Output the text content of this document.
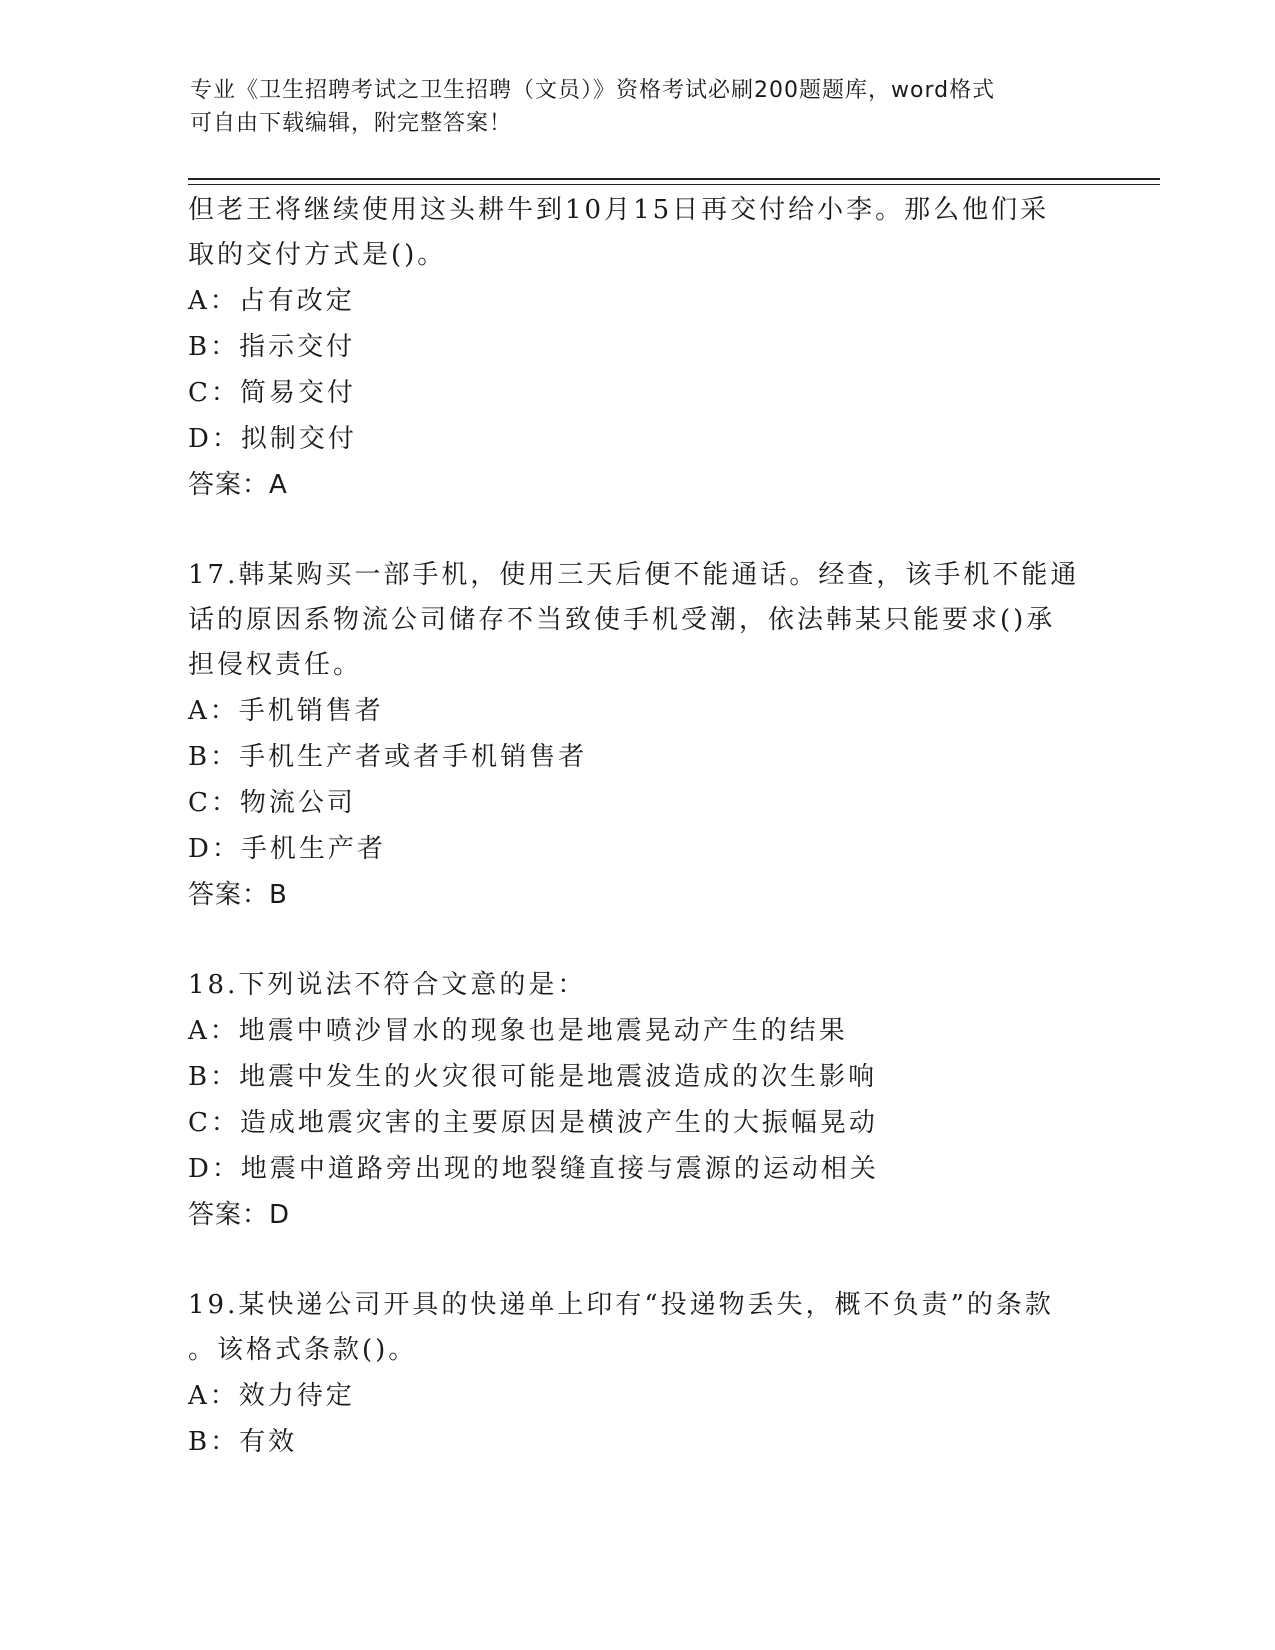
专业《卫生招聘考试之卫生招聘（文员）》资格考试必刷200题题库，word格式
可自由下载编辑，附完整答案！
但老王将继续使用这头耕牛到10月15日再交付给小李。那么他们采
取的交付方式是()。
A：占有改定
B：指示交付
C：简易交付
D：拟制交付
答案：A
17.韩某购买一部手机，使用三天后便不能通话。经查，该手机不能通
话的原因系物流公司储存不当致使手机受潮，依法韩某只能要求()承
担侵权责任。
A：手机销售者
B：手机生产者或者手机销售者
C：物流公司
D：手机生产者
答案：B
18.下列说法不符合文意的是：
A：地震中喷沙冒水的现象也是地震晃动产生的结果
B：地震中发生的火灾很可能是地震波造成的次生影响
C：造成地震灾害的主要原因是横波产生的大振幅晃动
D：地震中道路旁出现的地裂缝直接与震源的运动相关
答案：D
19.某快递公司开具的快递单上印有“投递物丢失，概不负责”的条款
。该格式条款()。
A：效力待定
B：有效
